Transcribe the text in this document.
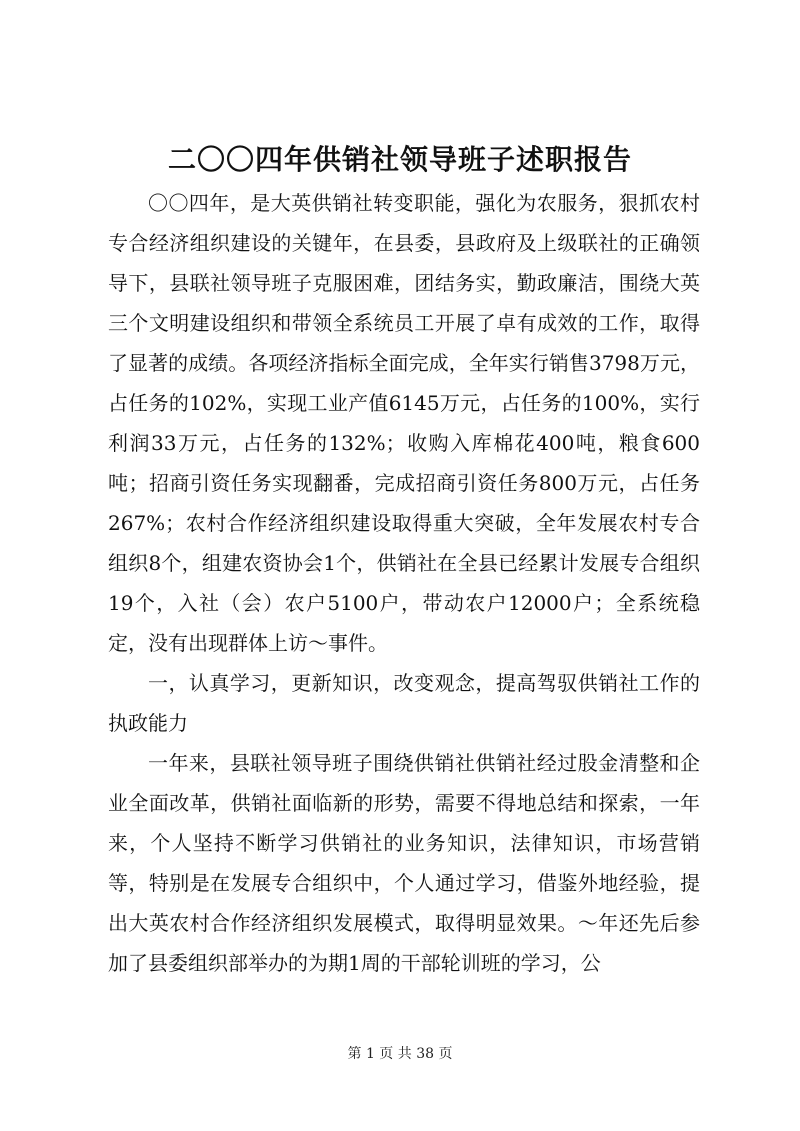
二〇〇四年供销社领导班子述职报告

〇〇四年，是大英供销社转变职能，强化为农服务，狠抓农村专合经济组织建设的关键年，在县委，县政府及上级联社的正确领导下，县联社领导班子克服困难，团结务实，勤政廉洁，围绕大英三个文明建设组织和带领全系统员工开展了卓有成效的工作，取得了显著的成绩。各项经济指标全面完成，全年实行销售3798万元，占任务的102%，实现工业产值6145万元，占任务的100%，实行利润33万元，占任务的132%；收购入库棉花400吨，粮食600吨；招商引资任务实现翻番，完成招商引资任务800万元，占任务267%；农村合作经济组织建设取得重大突破，全年发展农村专合组织8个，组建农资协会1个，供销社在全县已经累计发展专合组织19个，入社（会）农户5100户，带动农户12000户；全系统稳定，没有出现群体上访～事件。

一，认真学习，更新知识，改变观念，提高驾驭供销社工作的执政能力

一年来，县联社领导班子围绕供销社供销社经过股金清整和企业全面改革，供销社面临新的形势，需要不得地总结和探索，一年来，个人坚持不断学习供销社的业务知识，法律知识，市场营销等，特别是在发展专合组织中，个人通过学习，借鉴外地经验，提出大英农村合作经济组织发展模式，取得明显效果。～年还先后参加了县委组织部举办的为期1周的干部轮训班的学习，公

第 1 页 共 38 页
